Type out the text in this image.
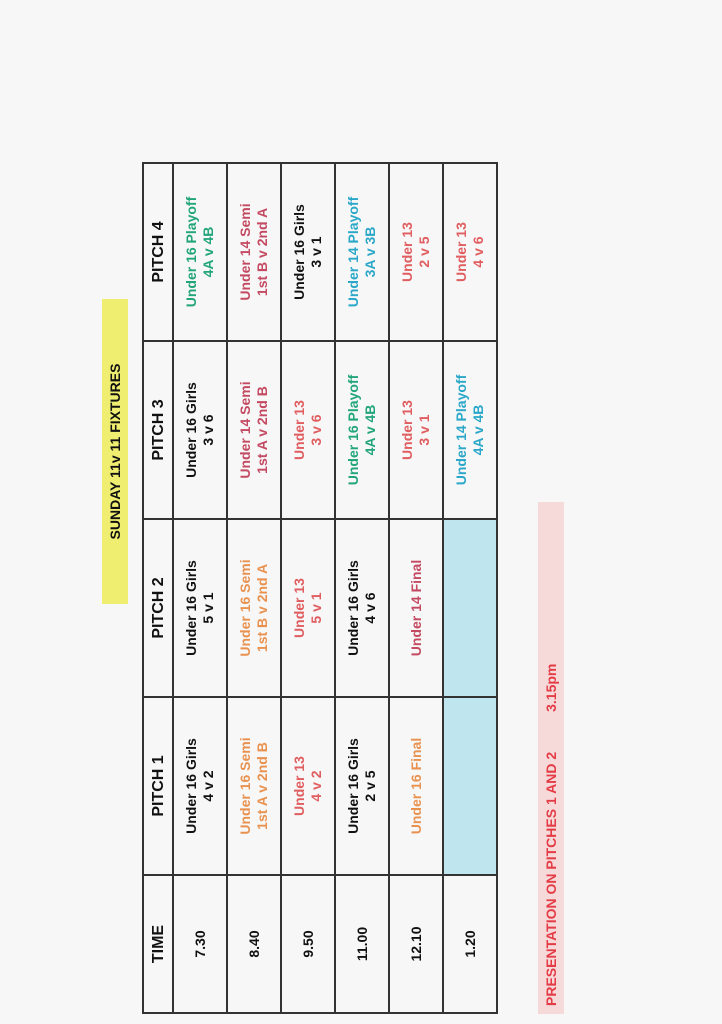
SUNDAY 11v 11 FIXTURES
TIME	PITCH 1	PITCH 2	PITCH 3	PITCH 4
7.30	Under 16 Girls 4 v 2	Under 16 Girls 5 v 1	Under 16 Girls 3 v 6	Under 16 Playoff 4A v 4B

8.40	Under 16 Semi 1st A v 2nd B	Under 16 Semi 1st B v 2nd A	Under 14 Semi 1st A v 2nd B	Under 14 Semi 1st B v 2nd A

9.50	Under 13 4 v 2	Under 13 5 v 1	Under 13 3 v 6	Under 16 Girls 3 v 1

11.00	Under 16 Girls 2 v 5	Under 16 Girls 4 v 6	Under 16 Playoff 4A v 4B	Under 14 Playoff 3A v 3B

12.10	Under 16 Final	Under 14 Final	Under 13 3 v 1	Under 13 2 v 5

1.20			Under 14 Playoff 4A v 4B	Under 13 4 v 6
PRESENTATION ON PITCHES 1 AND 2
3.15pm
